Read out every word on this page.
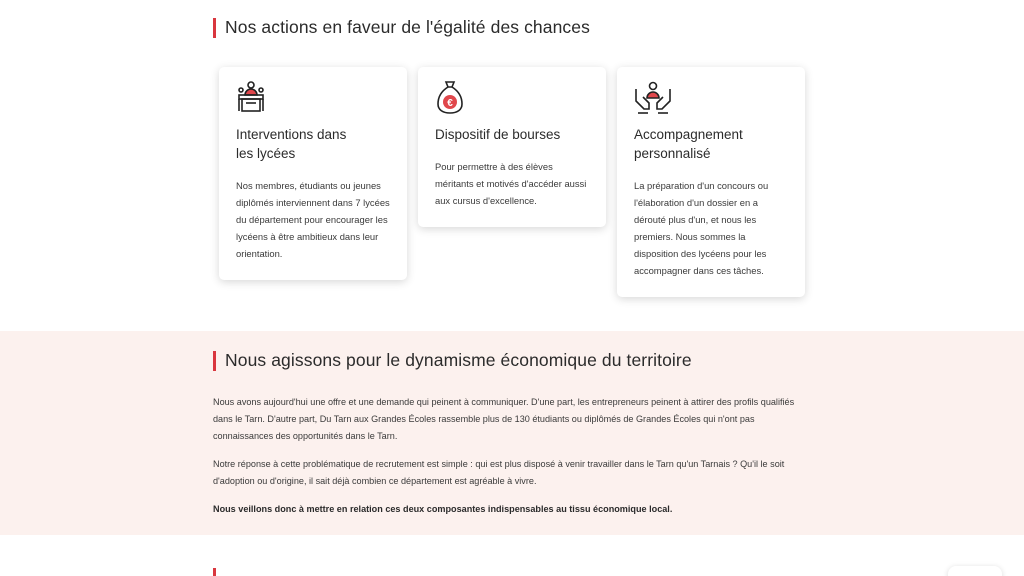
Nos actions en faveur de l'égalité des chances
Interventions dans
les lycées

Nos membres, étudiants ou jeunes diplômés interviennent dans 7 lycées du département pour encourager les lycéens à être ambitieux dans leur orientation.

€
Dispositif de bourses

Pour permettre à des élèves méritants et motivés d'accéder aussi aux cursus d'excellence.

Accompagnement
personnalisé

La préparation d'un concours ou l'élaboration d'un dossier en a dérouté plus d'un, et nous les premiers. Nous sommes la disposition des lycéens pour les accompagner dans ces tâches.

Nous agissons pour le dynamisme économique du territoire

Nous avons aujourd'hui une offre et une demande qui peinent à communiquer. D'une part, les entrepreneurs peinent à attirer des profils qualifiés dans le Tarn. D'autre part, Du Tarn aux Grandes Écoles rassemble plus de 130 étudiants ou diplômés de Grandes Écoles qui n'ont pas connaissances des opportunités dans le Tarn.

Notre réponse à cette problématique de recrutement est simple : qui est plus disposé à venir travailler dans le Tarn qu'un Tarnais ? Qu'il le soit d'adoption ou d'origine, il sait déjà combien ce département est agréable à vivre.

Nous veillons donc à mettre en relation ces deux composantes indispensables au tissu économique local.
